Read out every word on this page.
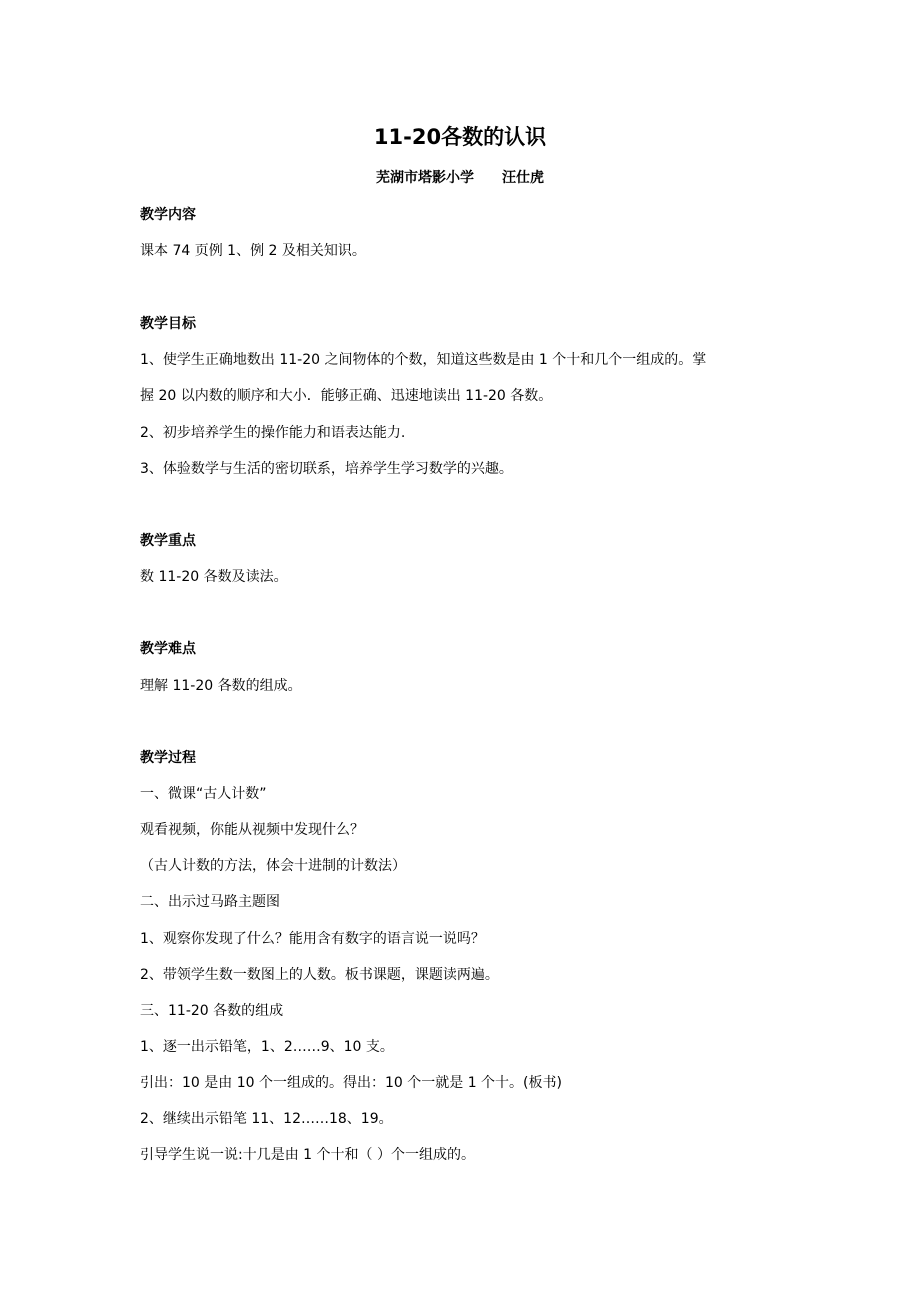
11-20各数的认识
芜湖市塔影小学 汪仕虎
教学内容
课本 74 页例 1、例 2 及相关知识。
教学目标
1、使学生正确地数出 11-20 之间物体的个数，知道这些数是由 1 个十和几个一组成的。掌
握 20 以内数的顺序和大小．能够正确、迅速地读出 11-20 各数。
2、初步培养学生的操作能力和语表达能力.
3、体验数学与生活的密切联系，培养学生学习数学的兴趣。
教学重点
数 11-20 各数及读法。
教学难点
理解 11-20 各数的组成。
教学过程
一、微课“古人计数”
观看视频，你能从视频中发现什么？
（古人计数的方法，体会十进制的计数法）
二、出示过马路主题图
1、观察你发现了什么？能用含有数字的语言说一说吗？
2、带领学生数一数图上的人数。板书课题，课题读两遍。
三、11-20 各数的组成
1、逐一出示铅笔，1、2……9、10 支。
引出：10 是由 10 个一组成的。得出：10 个一就是 1 个十。(板书)
2、继续出示铅笔 11、12……18、19。
引导学生说一说:十几是由 1 个十和（ ）个一组成的。
